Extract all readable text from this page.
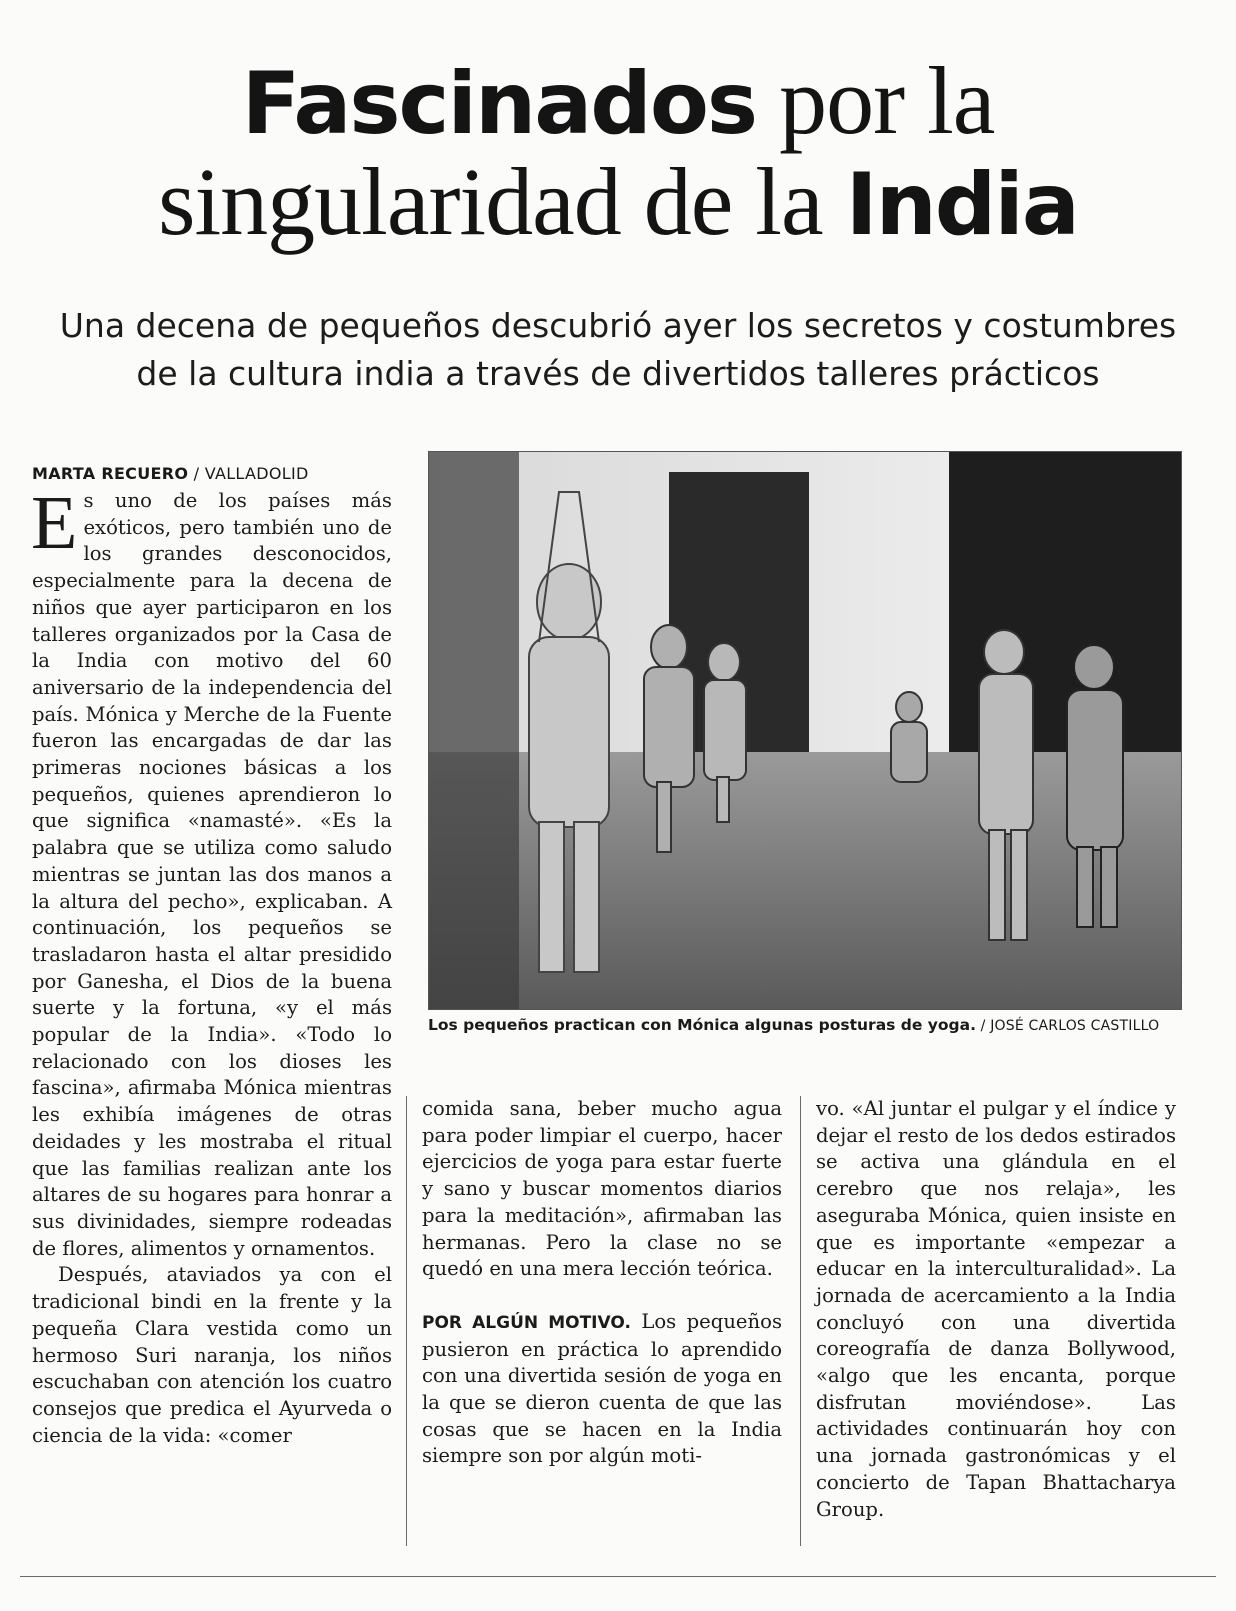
Fascinados por la
singularidad de la India
Una decena de pequeños descubrió ayer los secretos y costumbres
de la cultura india a través de divertidos talleres prácticos
MARTA RECUERO / VALLADOLID

Es uno de los países más exóticos, pero también uno de los grandes desconocidos, especialmente para la decena de niños que ayer participaron en los talleres organizados por la Casa de la India con motivo del 60 aniversario de la independencia del país. Mónica y Merche de la Fuente fueron las encargadas de dar las primeras nociones básicas a los pequeños, quienes aprendieron lo que significa «namasté». «Es la palabra que se utiliza como saludo mientras se juntan las dos manos a la altura del pecho», explicaban. A continuación, los pequeños se trasladaron hasta el altar presidido por Ganesha, el Dios de la buena suerte y la fortuna, «y el más popular de la India». «Todo lo relacionado con los dioses les fascina», afirmaba Mónica mientras les exhibía imágenes de otras deidades y les mostraba el ritual que las familias realizan ante los altares de su hogares para honrar a sus divinidades, siempre rodeadas de flores, alimentos y ornamentos.

Después, ataviados ya con el tradicional bindi en la frente y la pequeña Clara vestida como un hermoso Suri naranja, los niños escuchaban con atención los cuatro consejos que predica el Ayurveda o ciencia de la vida: «comer

Los pequeños practican con Mónica algunas posturas de yoga. / JOSÉ CARLOS CASTILLO

comida sana, beber mucho agua para poder limpiar el cuerpo, hacer ejercicios de yoga para estar fuerte y sano y buscar momentos diarios para la meditación», afirmaban las hermanas. Pero la clase no se quedó en una mera lección teórica.

POR ALGÚN MOTIVO. Los pequeños pusieron en práctica lo aprendido con una divertida sesión de yoga en la que se dieron cuenta de que las cosas que se hacen en la India siempre son por algún moti-

vo. «Al juntar el pulgar y el índice y dejar el resto de los dedos estirados se activa una glándula en el cerebro que nos relaja», les aseguraba Mónica, quien insiste en que es importante «empezar a educar en la interculturalidad». La jornada de acercamiento a la India concluyó con una divertida coreografía de danza Bollywood, «algo que les encanta, porque disfrutan moviéndose». Las actividades continuarán hoy con una jornada gastronómicas y el concierto de Tapan Bhattacharya Group.
